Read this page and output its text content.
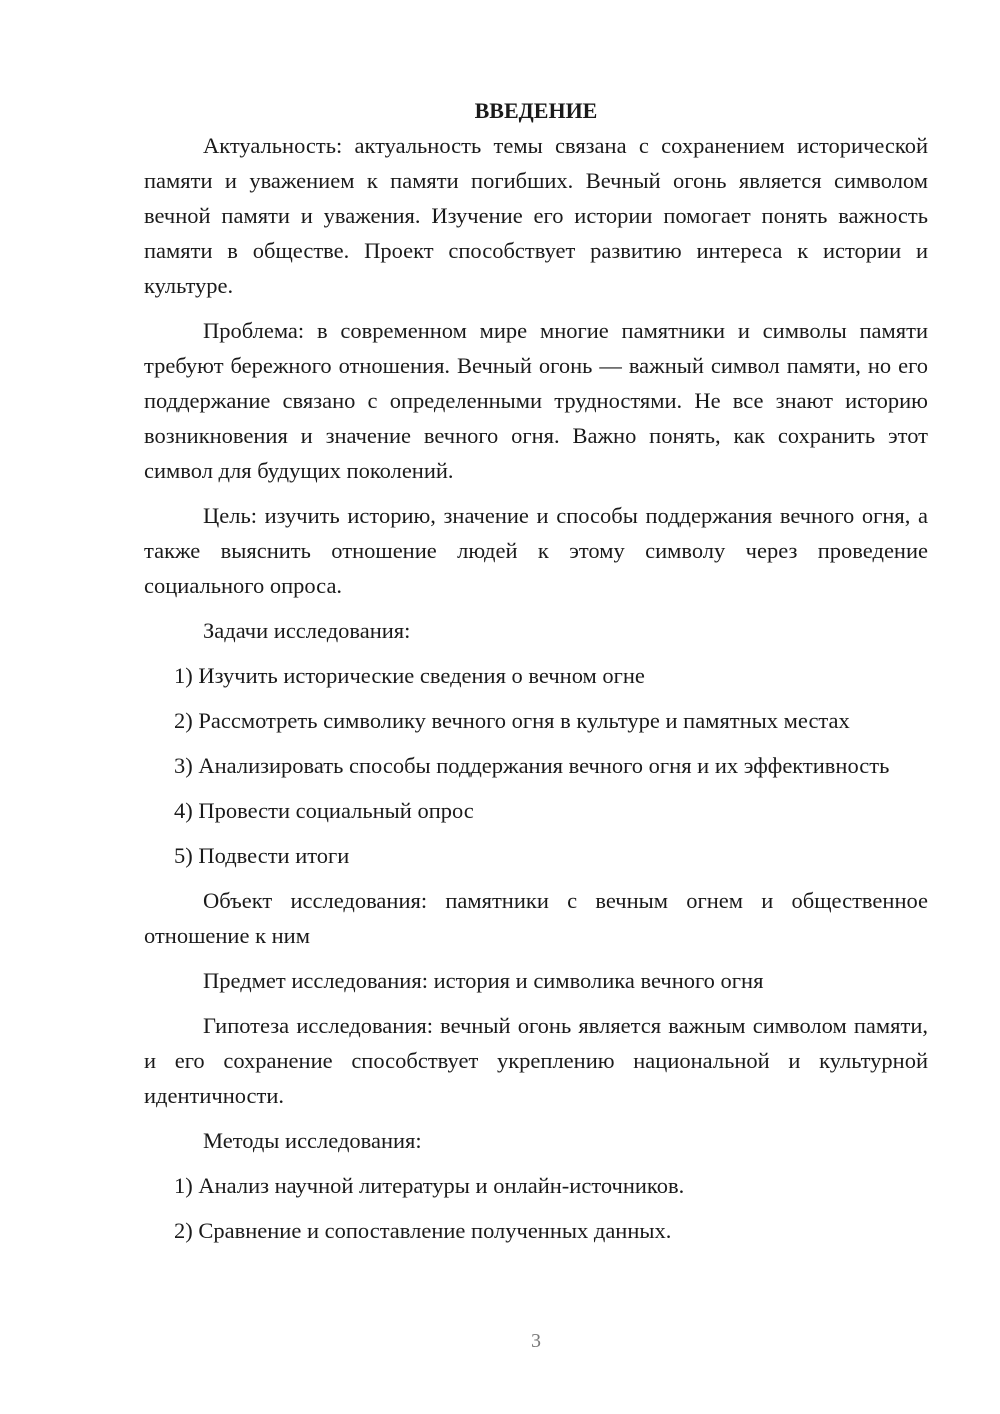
ВВЕДЕНИЕ

Актуальность: актуальность темы связана с сохранением исторической памяти и уважением к памяти погибших. Вечный огонь является символом вечной памяти и уважения. Изучение его истории помогает понять важность памяти в обществе. Проект способствует развитию интереса к истории и культуре.

Проблема: в современном мире многие памятники и символы памяти требуют бережного отношения. Вечный огонь — важный символ памяти, но его поддержание связано с определенными трудностями. Не все знают историю возникновения и значение вечного огня. Важно понять, как сохранить этот символ для будущих поколений.

Цель: изучить историю, значение и способы поддержания вечного огня, а также выяснить отношение людей к этому символу через проведение социального опроса.

Задачи исследования:

1) Изучить исторические сведения о вечном огне

2) Рассмотреть символику вечного огня в культуре и памятных местах

3) Анализировать способы поддержания вечного огня и их эффективность

4) Провести социальный опрос

5) Подвести итоги

Объект исследования: памятники с вечным огнем и общественное отношение к ним

Предмет исследования: история и символика вечного огня

Гипотеза исследования: вечный огонь является важным символом памяти, и его сохранение способствует укреплению национальной и культурной идентичности.

Методы исследования:

1) Анализ научной литературы и онлайн-источников.

2) Сравнение и сопоставление полученных данных.

3
